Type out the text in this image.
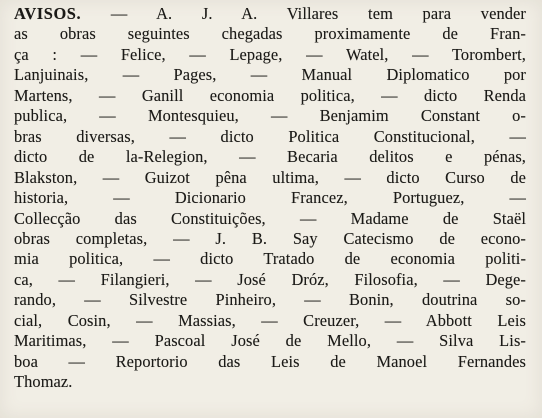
AVISOS. — A. J. A. Villares tem para vender
as obras seguintes chegadas proximamente de Fran-
ça : — Felice, — Lepage, — Watel, — Torombert,
Lanjuinais, — Pages, — Manual Diplomatico por
Martens, — Ganill economia politica, — dicto Renda
publica, — Montesquieu, — Benjamim Constant o-
bras diversas, — dicto Politica Constitucional, —
dicto de la-Relegion, — Becaria delitos e pénas,
Blakston, — Guizot pêna ultima, — dicto Curso de
historia, — Dicionario Francez, Portuguez, —
Collecção das Constituições, — Madame de Staël
obras completas, — J. B. Say Catecismo de econo-
mia politica, — dicto Tratado de economia politi-
ca, — Filangieri, — José Dróz, Filosofia, — Dege-
rando, — Silvestre Pinheiro, — Bonin, doutrina so-
cial, Cosin, — Massias, — Creuzer, — Abbott Leis
Maritimas, — Pascoal José de Mello, — Silva Lis-
boa — Reportorio das Leis de Manoel Fernandes
Thomaz.
